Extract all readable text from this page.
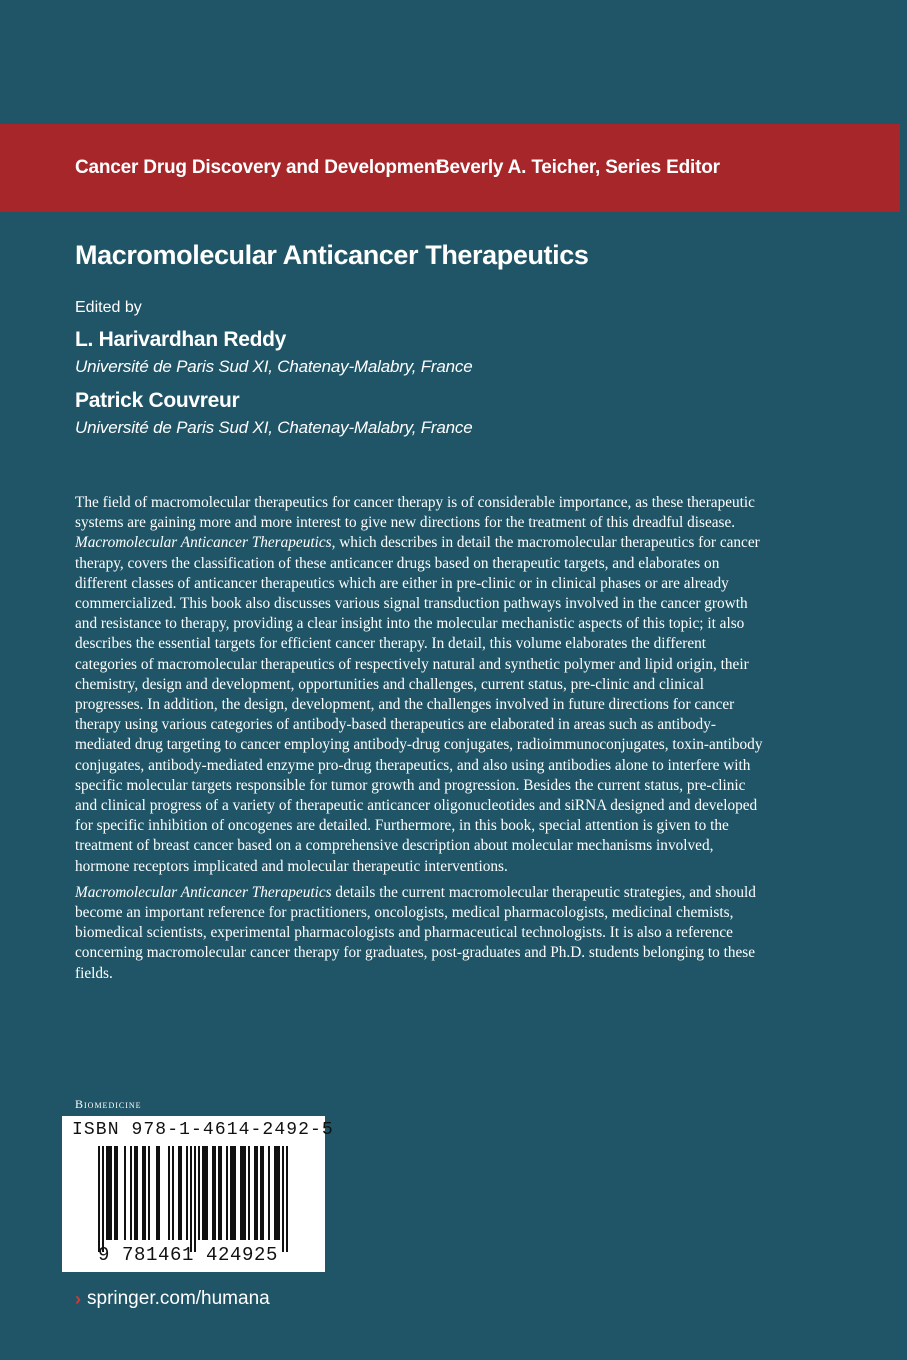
Cancer Drug Discovery and Development
Beverly A. Teicher, Series Editor
Macromolecular Anticancer Therapeutics
Edited by
L. Harivardhan Reddy
Université de Paris Sud XI, Chatenay-Malabry, France
Patrick Couvreur
Université de Paris Sud XI, Chatenay-Malabry, France

The field of macromolecular therapeutics for cancer therapy is of considerable importance, as these therapeutic systems are gaining more and more interest to give new directions for the treatment of this dreadful disease. Macromolecular Anticancer Therapeutics, which describes in detail the macromolecular therapeutics for cancer therapy, covers the classification of these anticancer drugs based on therapeutic targets, and elaborates on different classes of anticancer therapeutics which are either in pre-clinic or in clinical phases or are already commercialized. This book also discusses various signal transduction pathways involved in the cancer growth and resistance to therapy, providing a clear insight into the molecular mechanistic aspects of this topic; it also describes the essential targets for efficient cancer therapy. In detail, this volume elaborates the different categories of macromolecular therapeutics of respectively natural and synthetic polymer and lipid origin, their chemistry, design and development, opportunities and challenges, current status, pre-clinic and clinical progresses. In addition, the design, development, and the challenges involved in future directions for cancer therapy using various categories of antibody-based therapeutics are elaborated in areas such as antibody-mediated drug targeting to cancer employing antibody-drug conjugates, radioimmunoconjugates, toxin-antibody conjugates, antibody-mediated enzyme pro-drug therapeutics, and also using antibodies alone to interfere with specific molecular targets responsible for tumor growth and progression. Besides the current status, pre-clinic and clinical progress of a variety of therapeutic anticancer oligonucleotides and siRNA designed and developed for specific inhibition of oncogenes are detailed. Furthermore, in this book, special attention is given to the treatment of breast cancer based on a comprehensive description about molecular mechanisms involved, hormone receptors implicated and molecular therapeutic interventions.

Macromolecular Anticancer Therapeutics details the current macromolecular therapeutic strategies, and should become an important reference for practitioners, oncologists, medical pharmacologists, medicinal chemists, biomedical scientists, experimental pharmacologists and pharmaceutical technologists. It is also a reference concerning macromolecular cancer therapy for graduates, post-graduates and Ph.D. students belonging to these fields.

Biomedicine
ISBN 978-1-4614-2492-5
9 781461 424925
› springer.com/humana
